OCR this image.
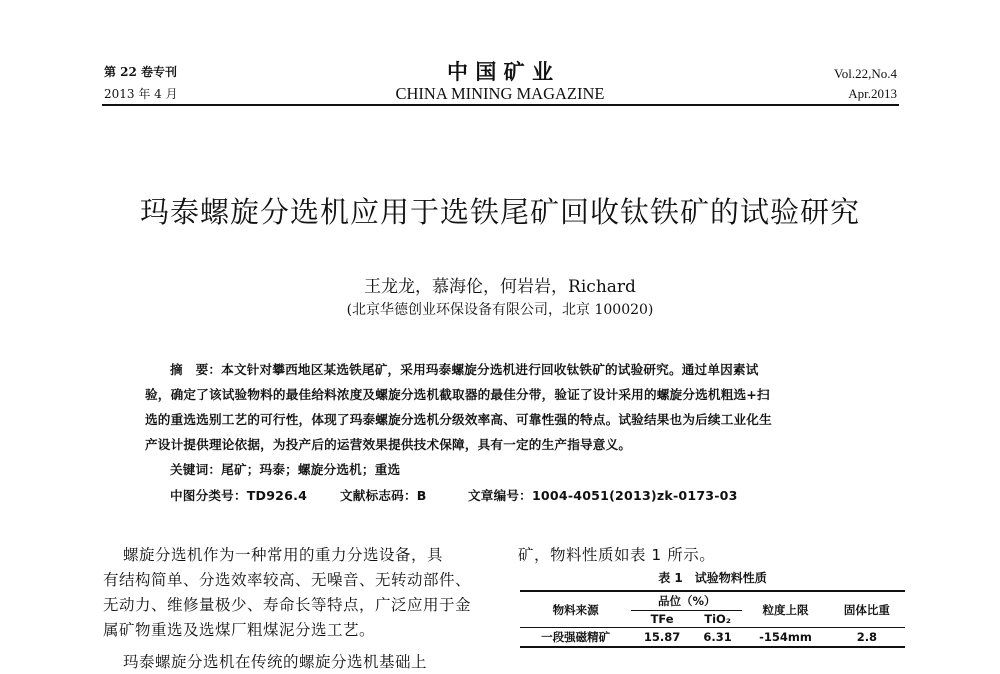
第 22 卷专刊
2013 年 4 月
中 国 矿 业
CHINA MINING MAGAZINE
Vol.22,No.4
Apr.2013
玛泰螺旋分选机应用于选铁尾矿回收钛铁矿的试验研究
王龙龙，慕海伦，何岩岩，Richard
(北京华德创业环保设备有限公司，北京 100020)
摘　要：本文针对攀西地区某选铁尾矿，采用玛泰螺旋分选机进行回收钛铁矿的试验研究。通过单因素试
验，确定了该试验物料的最佳给料浓度及螺旋分选机截取器的最佳分带，验证了设计采用的螺旋分选机粗选+扫
选的重选选别工艺的可行性，体现了玛泰螺旋分选机分级效率高、可靠性强的特点。试验结果也为后续工业化生
产设计提供理论依据，为投产后的运营效果提供技术保障，具有一定的生产指导意义。
关键词：尾矿；玛泰；螺旋分选机；重选
中图分类号：TD926.4	文献标志码：B	文章编号：1004-4051(2013)zk-0173-03
螺旋分选机作为一种常用的重力分选设备，具
有结构简单、分选效率较高、无噪音、无转动部件、
无动力、维修量极少、寿命长等特点，广泛应用于金
属矿物重选及选煤厂粗煤泥分选工艺。
玛泰螺旋分选机在传统的螺旋分选机基础上
矿，物料性质如表 1 所示。
表 1　试验物料性质
物料来源	品位（%）		粒度上限	固体比重
	TFe	TiO₂		
一段强磁精矿	15.87	6.31	-154mm	2.8
